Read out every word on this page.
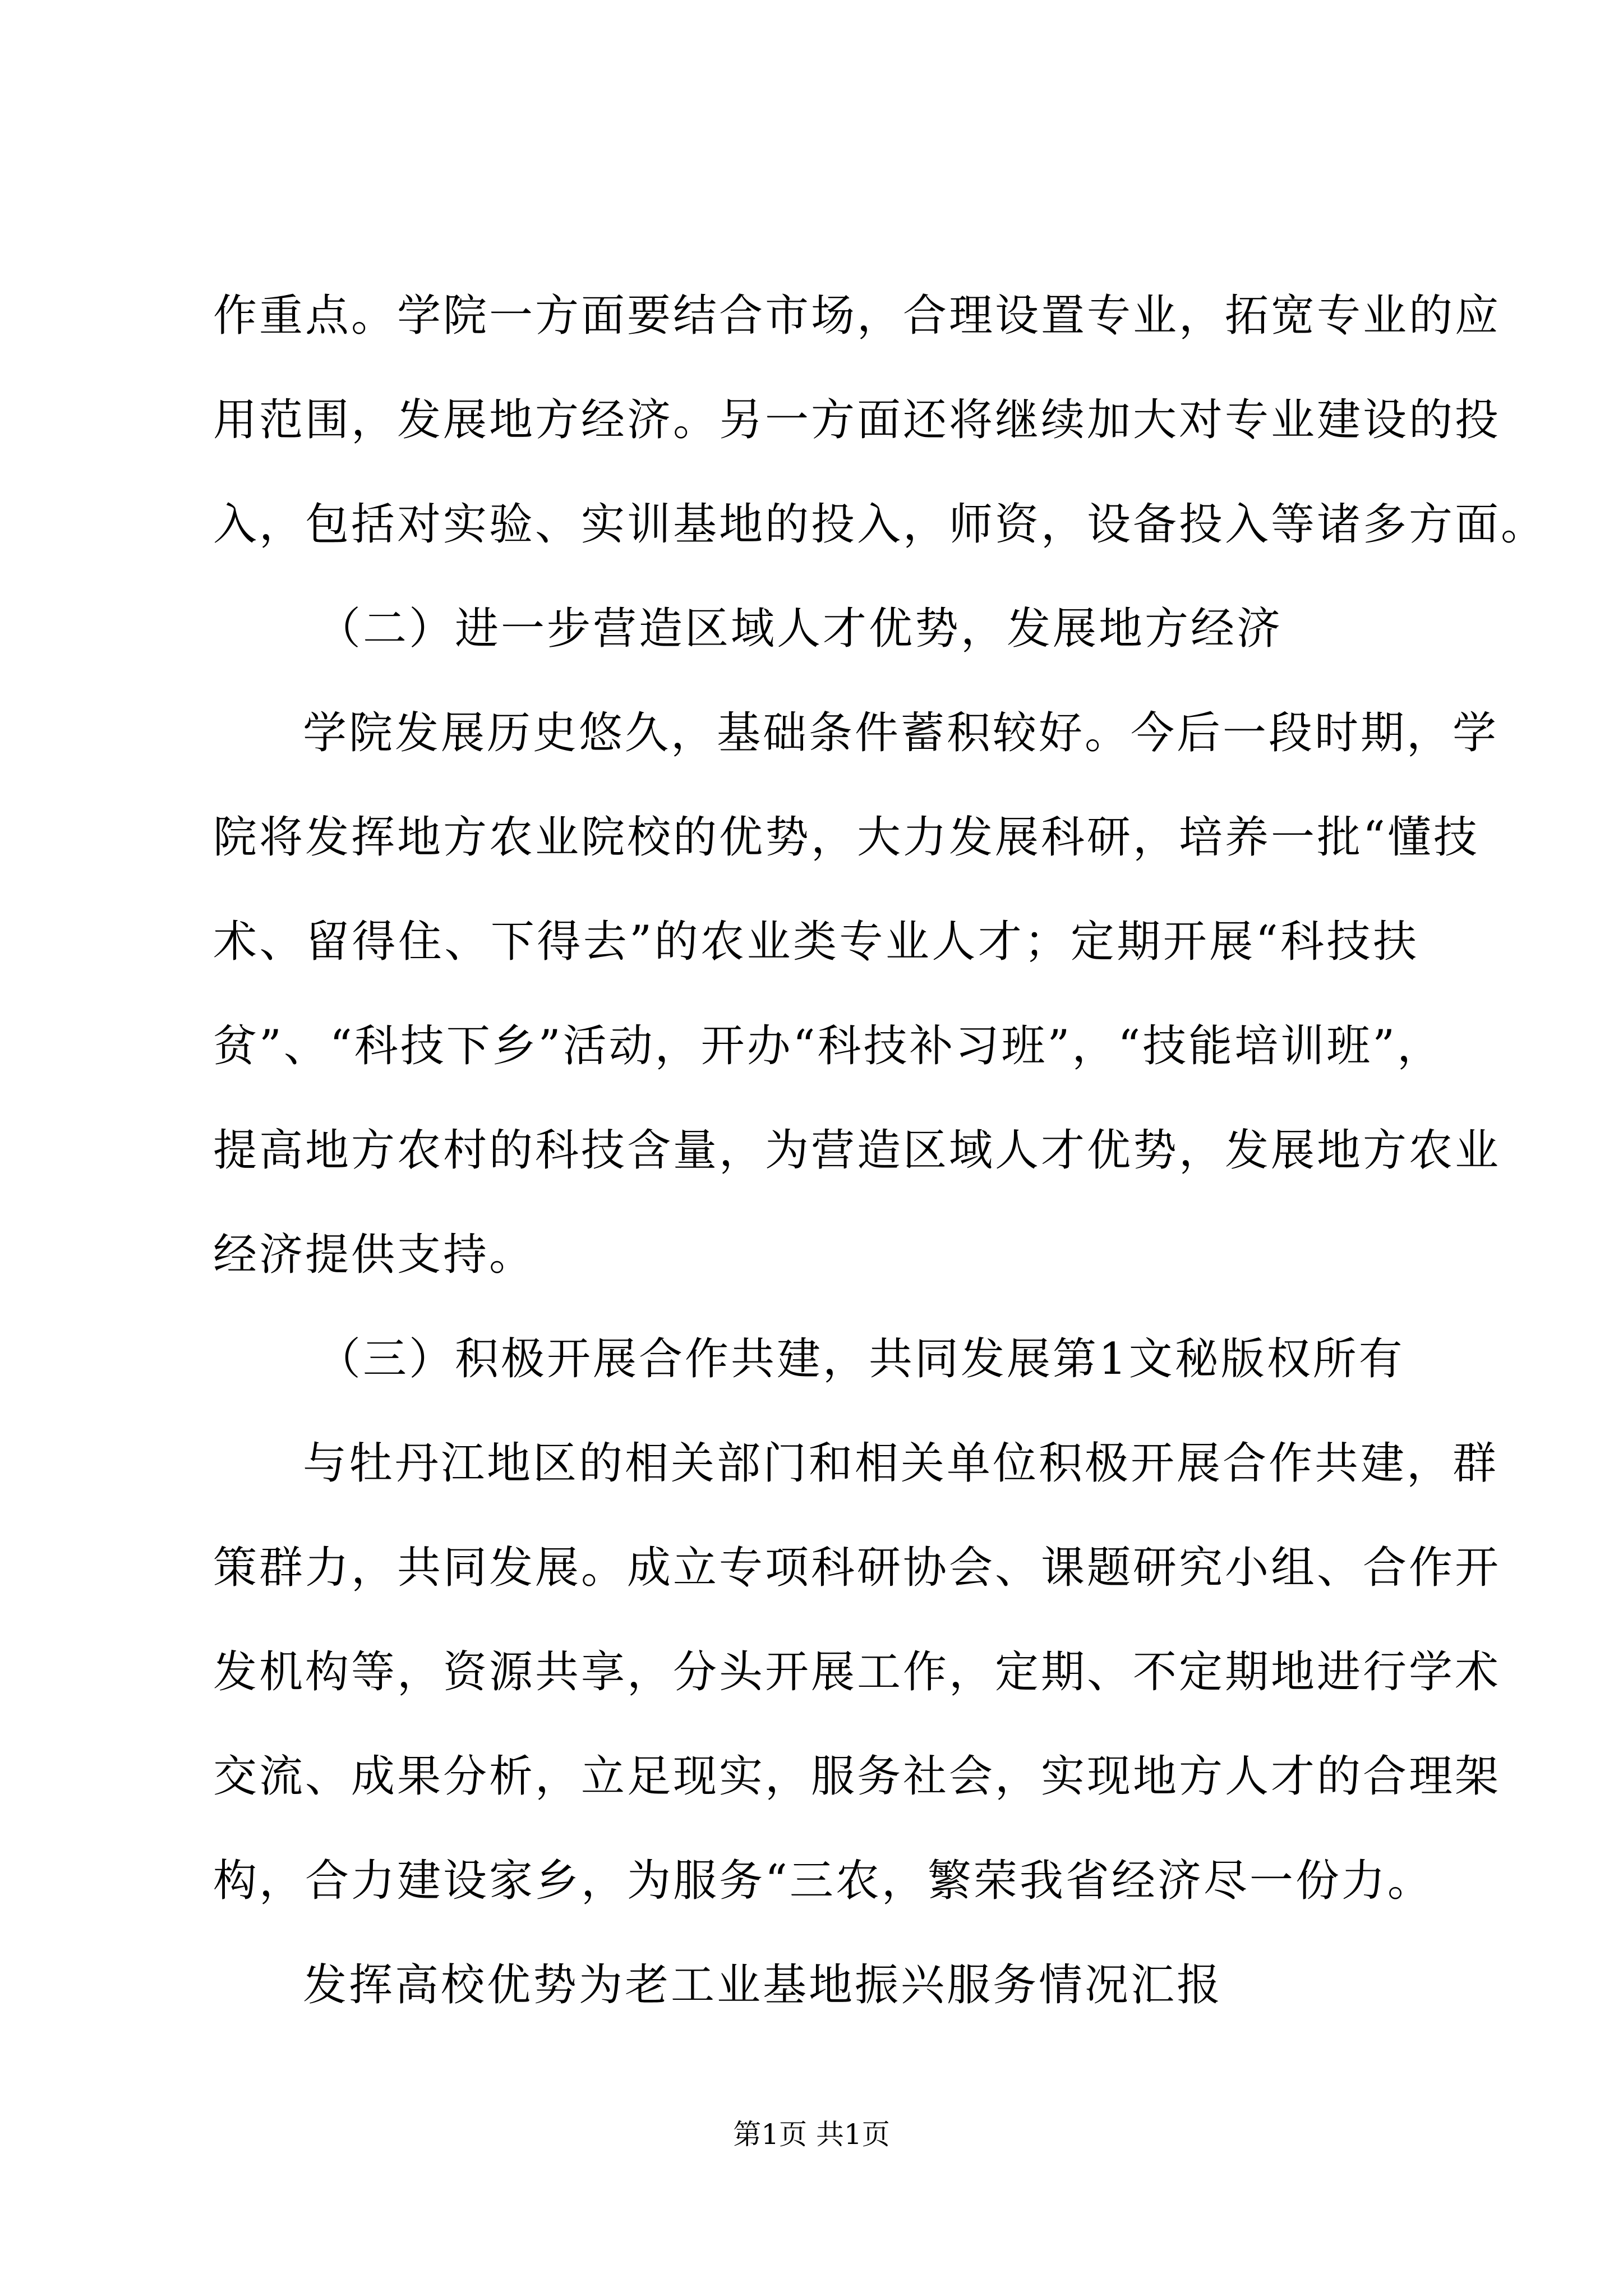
作重点。学院一方面要结合市场，合理设置专业，拓宽专业的应
用范围，发展地方经济。另一方面还将继续加大对专业建设的投
入，包括对实验、实训基地的投入，师资，设备投入等诸多方面。
（二）进一步营造区域人才优势，发展地方经济
学院发展历史悠久，基础条件蓄积较好。今后一段时期，学
院将发挥地方农业院校的优势，大力发展科研，培养一批“懂技
术、留得住、下得去”的农业类专业人才；定期开展“科技扶
贫”、“科技下乡”活动，开办“科技补习班”，“技能培训班”，
提高地方农村的科技含量，为营造区域人才优势，发展地方农业
经济提供支持。
（三）积极开展合作共建，共同发展第1文秘版权所有
与牡丹江地区的相关部门和相关单位积极开展合作共建，群
策群力，共同发展。成立专项科研协会、课题研究小组、合作开
发机构等，资源共享，分头开展工作，定期、不定期地进行学术
交流、成果分析，立足现实，服务社会，实现地方人才的合理架
构，合力建设家乡，为服务“三农，繁荣我省经济尽一份力。
发挥高校优势为老工业基地振兴服务情况汇报
第1页 共1页
